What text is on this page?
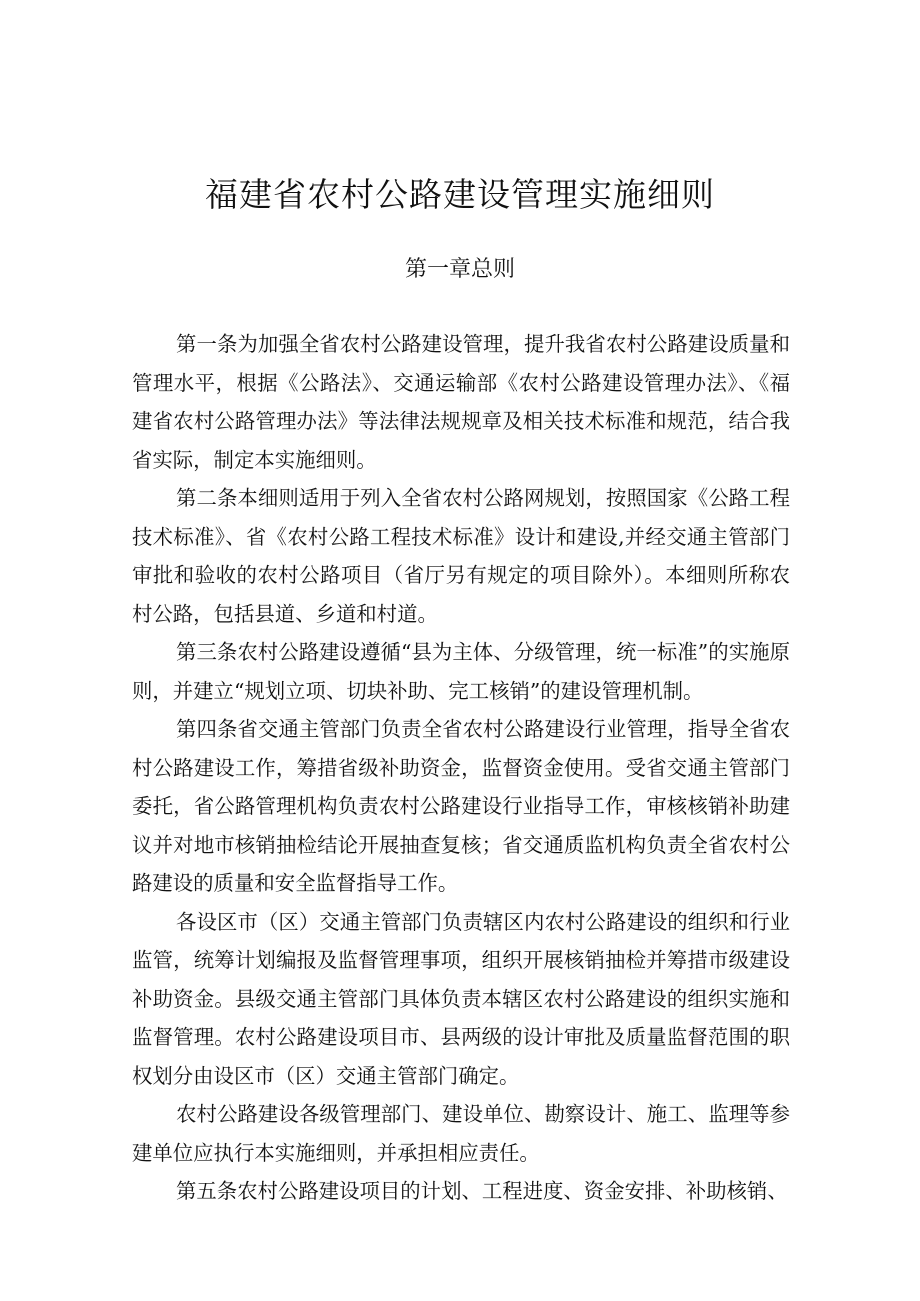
福建省农村公路建设管理实施细则
第一章总则

第一条为加强全省农村公路建设管理，提升我省农村公路建设质量和管理水平，根据《公路法》、交通运输部《农村公路建设管理办法》、《福建省农村公路管理办法》等法律法规规章及相关技术标准和规范，结合我省实际，制定本实施细则。

第二条本细则适用于列入全省农村公路网规划，按照国家《公路工程技术标准》、省《农村公路工程技术标准》设计和建设,并经交通主管部门审批和验收的农村公路项目（省厅另有规定的项目除外）。本细则所称农村公路，包括县道、乡道和村道。

第三条农村公路建设遵循“县为主体、分级管理，统一标准”的实施原则，并建立“规划立项、切块补助、完工核销”的建设管理机制。

第四条省交通主管部门负责全省农村公路建设行业管理，指导全省农村公路建设工作，筹措省级补助资金，监督资金使用。受省交通主管部门委托，省公路管理机构负责农村公路建设行业指导工作，审核核销补助建议并对地市核销抽检结论开展抽查复核；省交通质监机构负责全省农村公路建设的质量和安全监督指导工作。

各设区市（区）交通主管部门负责辖区内农村公路建设的组织和行业监管，统筹计划编报及监督管理事项，组织开展核销抽检并筹措市级建设补助资金。县级交通主管部门具体负责本辖区农村公路建设的组织实施和监督管理。农村公路建设项目市、县两级的设计审批及质量监督范围的职权划分由设区市（区）交通主管部门确定。

农村公路建设各级管理部门、建设单位、勘察设计、施工、监理等参建单位应执行本实施细则，并承担相应责任。

第五条农村公路建设项目的计划、工程进度、资金安排、补助核销、
